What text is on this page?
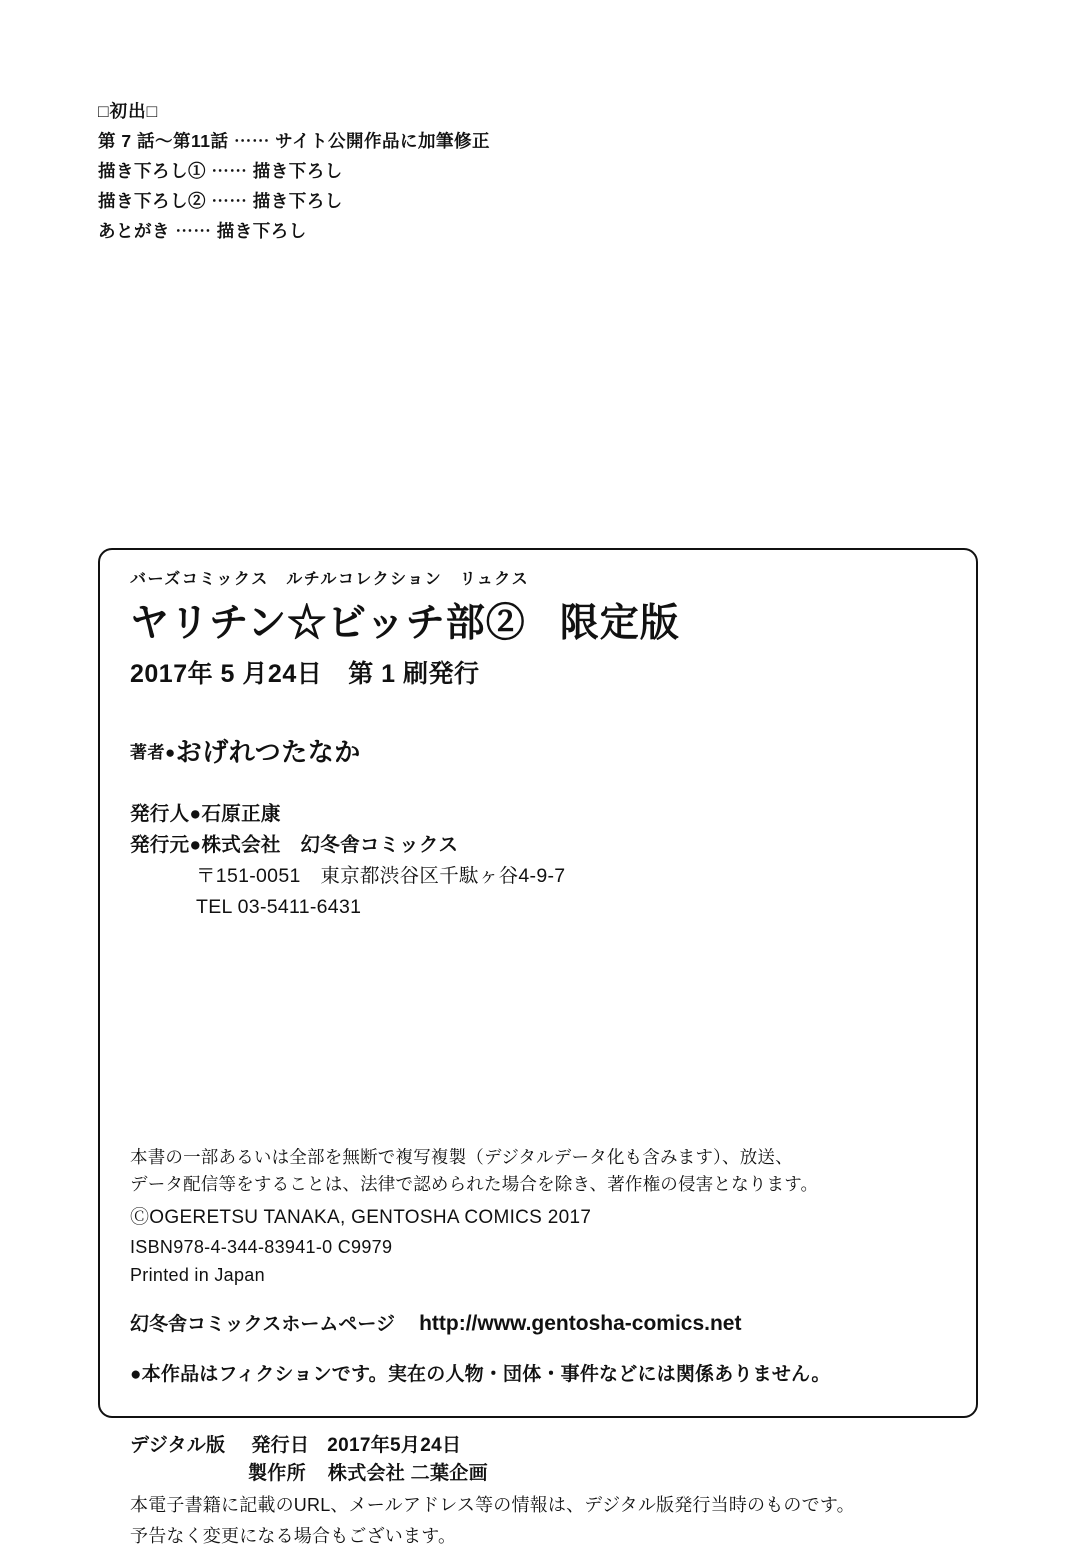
□初出□
第 7 話〜第11話 ⋯⋯ サイト公開作品に加筆修正
描き下ろし① ⋯⋯ 描き下ろし
描き下ろし② ⋯⋯ 描き下ろし
あとがき ⋯⋯ 描き下ろし
バーズコミックス　ルチルコレクション　リュクス
ヤリチン☆ビッチ部② 限定版
2017年 5 月24日 第 1 刷発行
著者●おげれつたなか
発行人●石原正康
発行元●株式会社　幻冬舎コミックス
〒151-0051　東京都渋谷区千駄ヶ谷4-9-7
TEL 03-5411-6431
本書の一部あるいは全部を無断で複写複製（デジタルデータ化も含みます）、放送、
データ配信等をすることは、法律で認められた場合を除き、著作権の侵害となります。
ⒸOGERETSU TANAKA, GENTOSHA COMICS 2017
ISBN978-4-344-83941-0 C9979
Printed in Japan
幻冬舎コミックスホームページ http://www.gentosha-comics.net
●本作品はフィクションです。実在の人物・団体・事件などには関係ありません。
デジタル版 発行日 2017年5月24日
製作所 株式会社 二葉企画
本電子書籍に記載のURL、メールアドレス等の情報は、デジタル版発行当時のものです。
予告なく変更になる場合もございます。
